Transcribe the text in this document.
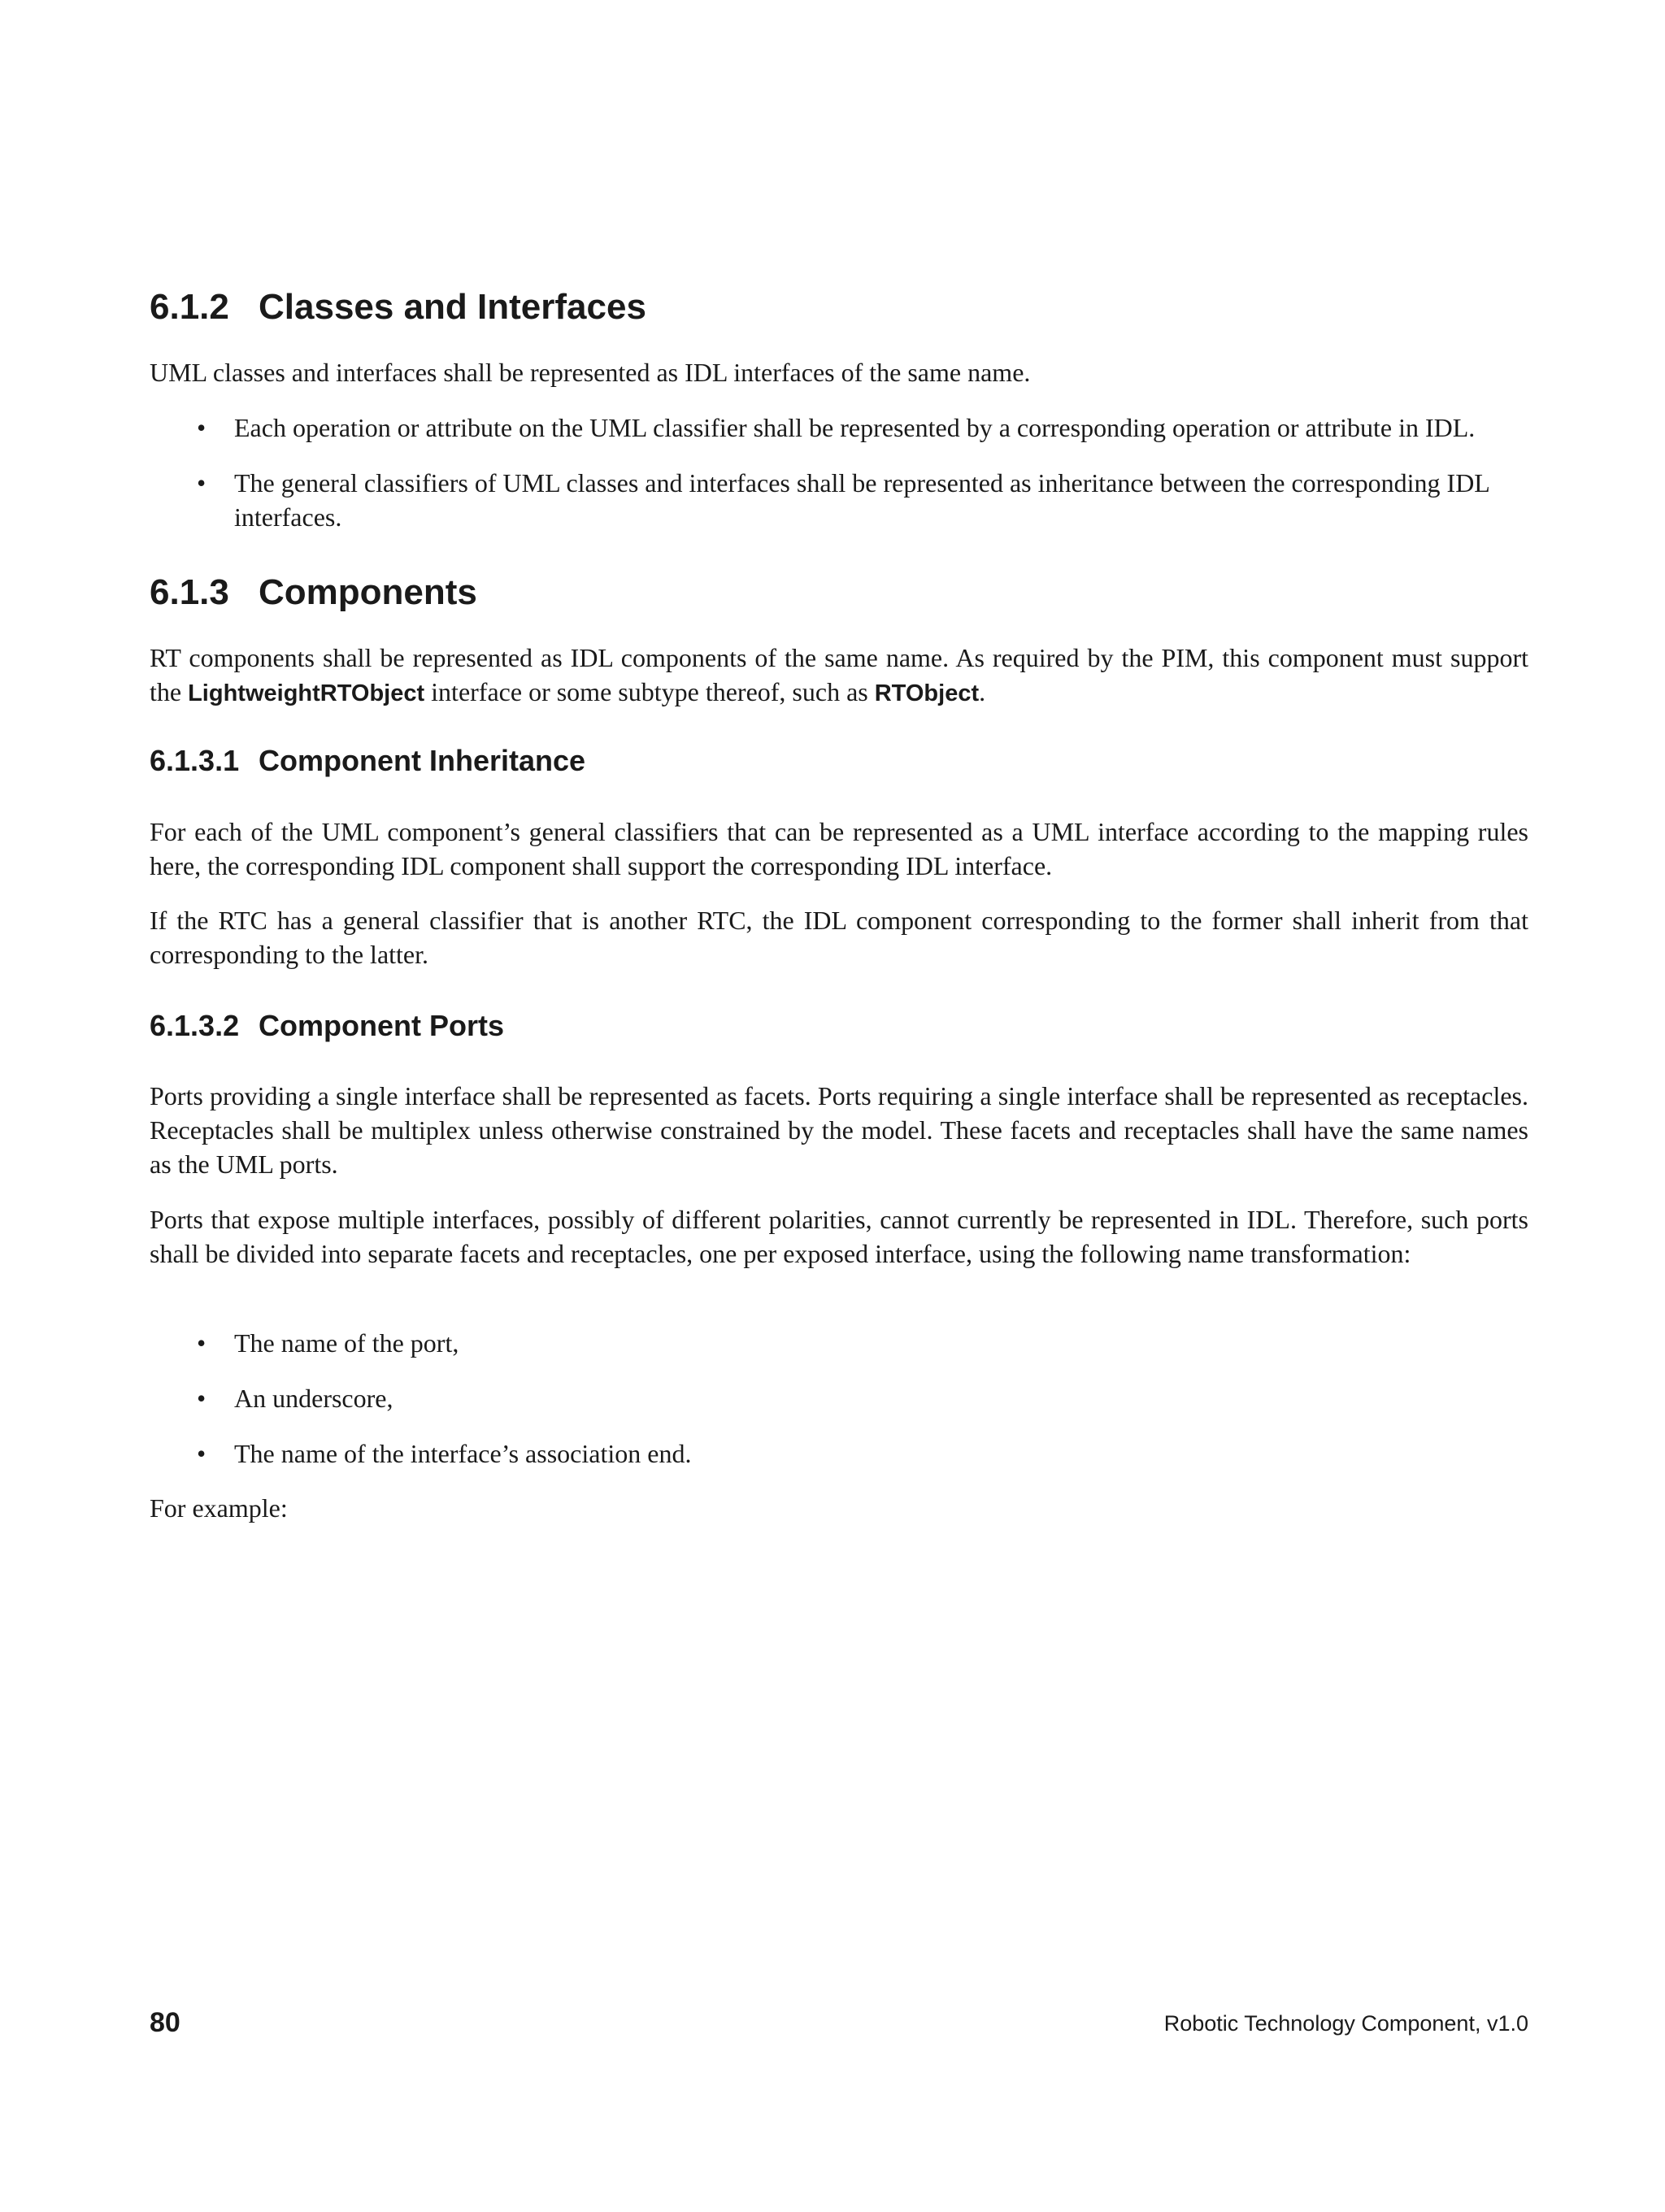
6.1.2 Classes and Interfaces

UML classes and interfaces shall be represented as IDL interfaces of the same name.

•	Each operation or attribute on the UML classifier shall be represented by a corresponding operation or attribute in IDL.
•	The general classifiers of UML classes and interfaces shall be represented as inheritance between the corresponding IDL interfaces.
6.1.3 Components

RT components shall be represented as IDL components of the same name. As required by the PIM, this component must support the LightweightRTObject interface or some subtype thereof, such as RTObject.

6.1.3.1 Component Inheritance

For each of the UML component’s general classifiers that can be represented as a UML interface according to the mapping rules here, the corresponding IDL component shall support the corresponding IDL interface.

If the RTC has a general classifier that is another RTC, the IDL component corresponding to the former shall inherit from that corresponding to the latter.

6.1.3.2 Component Ports

Ports providing a single interface shall be represented as facets. Ports requiring a single interface shall be represented as receptacles. Receptacles shall be multiplex unless otherwise constrained by the model. These facets and receptacles shall have the same names as the UML ports.

Ports that expose multiple interfaces, possibly of different polarities, cannot currently be represented in IDL. Therefore, such ports shall be divided into separate facets and receptacles, one per exposed interface, using the following name transformation:

•	The name of the port,
•	An underscore,
•	The name of the interface’s association end.

For example:

80	Robotic Technology Component, v1.0
